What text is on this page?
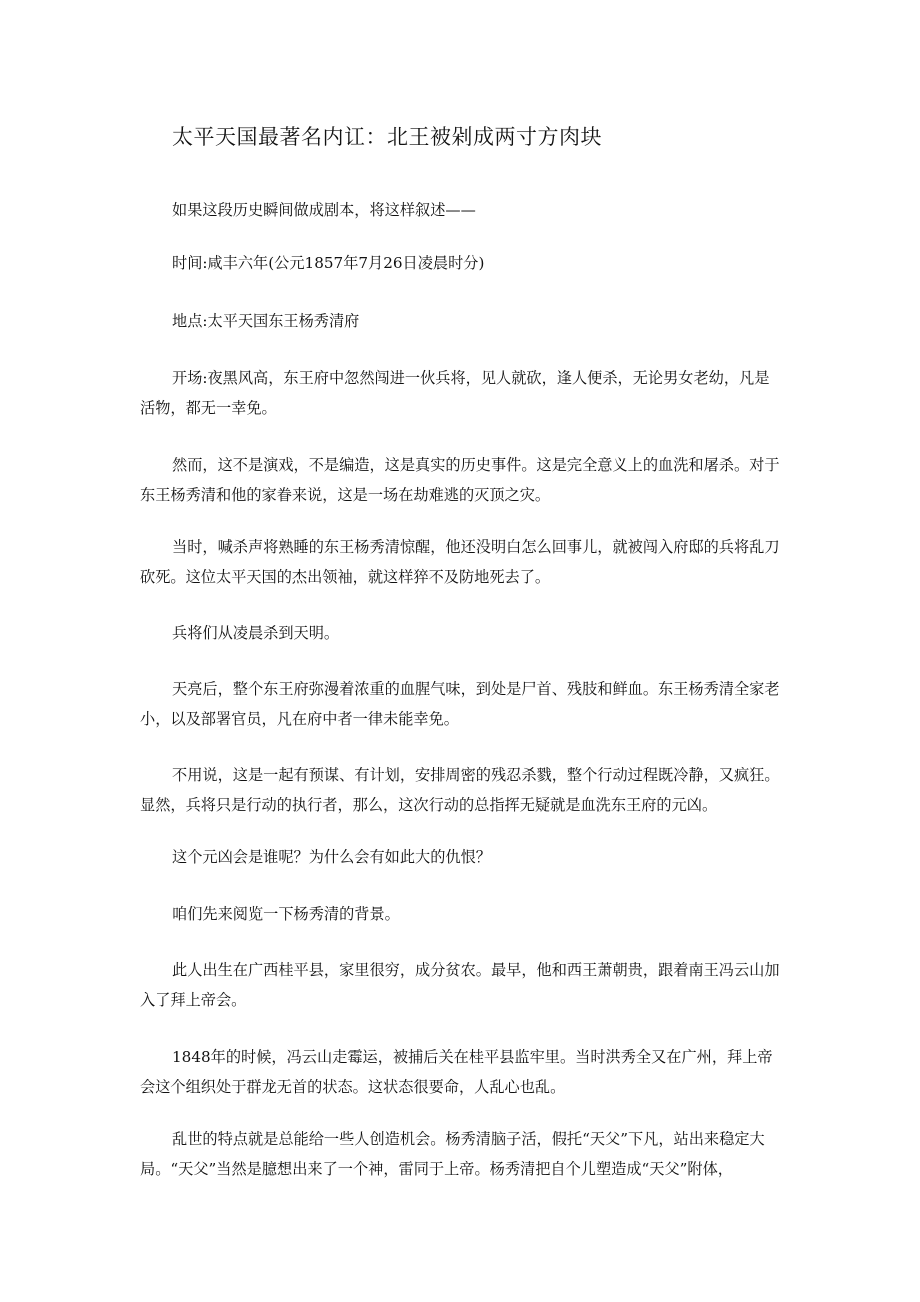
太平天国最著名内讧：北王被剁成两寸方肉块

如果这段历史瞬间做成剧本，将这样叙述——

时间:咸丰六年(公元1857年7月26日凌晨时分)

地点:太平天国东王杨秀清府

开场:夜黑风高，东王府中忽然闯进一伙兵将，见人就砍，逢人便杀，无论男女老幼，凡是活物，都无一幸免。

然而，这不是演戏，不是编造，这是真实的历史事件。这是完全意义上的血洗和屠杀。对于东王杨秀清和他的家眷来说，这是一场在劫难逃的灭顶之灾。

当时，喊杀声将熟睡的东王杨秀清惊醒，他还没明白怎么回事儿，就被闯入府邸的兵将乱刀砍死。这位太平天国的杰出领袖，就这样猝不及防地死去了。

兵将们从凌晨杀到天明。

天亮后，整个东王府弥漫着浓重的血腥气味，到处是尸首、残肢和鲜血。东王杨秀清全家老小，以及部署官员，凡在府中者一律未能幸免。

不用说，这是一起有预谋、有计划，安排周密的残忍杀戮，整个行动过程既冷静，又疯狂。显然，兵将只是行动的执行者，那么，这次行动的总指挥无疑就是血洗东王府的元凶。

这个元凶会是谁呢？为什么会有如此大的仇恨？

咱们先来阅览一下杨秀清的背景。

此人出生在广西桂平县，家里很穷，成分贫农。最早，他和西王萧朝贵，跟着南王冯云山加入了拜上帝会。

1848年的时候，冯云山走霉运，被捕后关在桂平县监牢里。当时洪秀全又在广州，拜上帝会这个组织处于群龙无首的状态。这状态很要命，人乱心也乱。

乱世的特点就是总能给一些人创造机会。杨秀清脑子活，假托“天父”下凡，站出来稳定大局。“天父”当然是臆想出来了一个神，雷同于上帝。杨秀清把自个儿塑造成“天父”附体，
